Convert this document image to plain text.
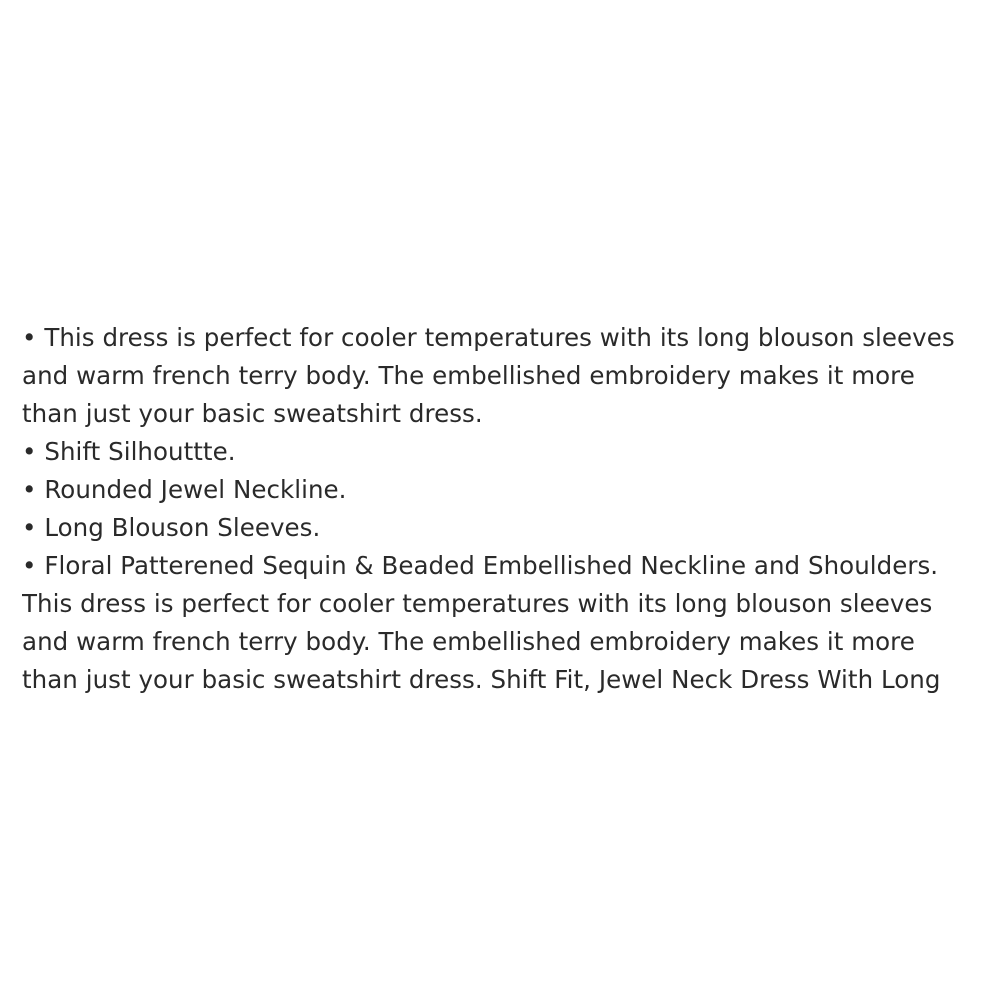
• This dress is perfect for cooler temperatures with its long blouson sleeves
and warm french terry body. The embellished embroidery makes it more
than just your basic sweatshirt dress.
• Shift Silhouttte.
• Rounded Jewel Neckline.
• Long Blouson Sleeves.
• Floral Patterened Sequin & Beaded Embellished Neckline and Shoulders.
This dress is perfect for cooler temperatures with its long blouson sleeves
and warm french terry body. The embellished embroidery makes it more
than just your basic sweatshirt dress. Shift Fit, Jewel Neck Dress With Long
